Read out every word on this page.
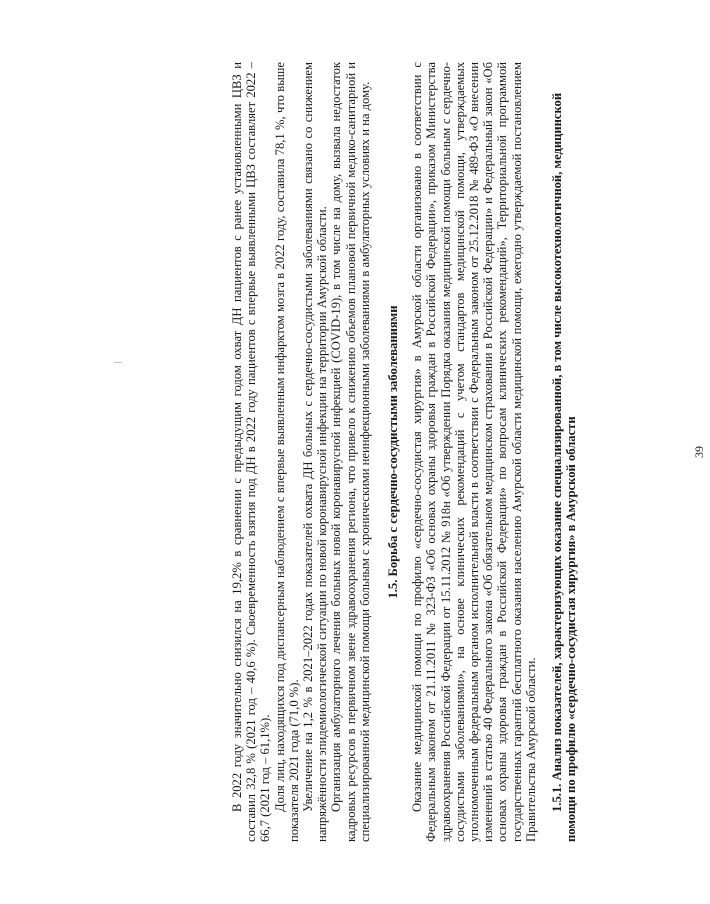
В 2022 году значительно снизился на 19,2% в сравнении с предыдущим годом охват ДН пациентов с ранее установленными ЦВЗ и составил 32,8 % (2021 год – 40,6 %). Своевременность взятия под ДН в 2022 году пациентов с впервые выявленными ЦВЗ составляет 2022 – 66,7 (2021 год – 61,1%). Доля лиц, находящихся под диспансерным наблюдением с впервые выявленным инфарктом мозга в 2022 году, составила 78,1 %, что выше показателя 2021 года (71,0 %). Увеличение на 1,2 % в 2021–2022 годах показателей охвата ДН больных с сердечно-сосудистыми заболеваниями связано со снижением напряжённости эпидемиологической ситуации по новой коронавирусной инфекции на территории Амурской области. Организация амбулаторного лечения больных новой коронавирусной инфекцией (COVID-19), в том числе на дому, вызвала недостаток кадровых ресурсов в первичном звене здравоохранения региона, что привело к снижению объемов плановой первичной медико-санитарной и специализированной медицинской помощи больным с хроническими неинфекционными заболеваниями в амбулаторных условиях и на дому. 1.5. Борьба с сердечно-сосудистыми заболеваниями Оказание медицинской помощи по профилю «сердечно-сосудистая хирургия» в Амурской области организовано в соответствии с Федеральным законом от 21.11.2011 № 323-ФЗ «Об основах охраны здоровья граждан в Российской Федерации», приказом Министерства здравоохранения Российской Федерации от 15.11.2012 № 918н «Об утверждении Порядка оказания медицинской помощи больным с сердечно-сосудистыми заболеваниями», на основе клинических рекомендаций с учетом стандартов медицинской помощи, утверждаемых уполномоченным федеральным органом исполнительной власти в соответствии с Федеральным законом от 25.12.2018 № 489-ФЗ «О внесении изменений в статью 40 Федерального закона «Об обязательном медицинском страховании в Российской Федерации» и Федеральный закон «Об основах охраны здоровья граждан в Российской Федерации» по вопросам клинических рекомендаций», Территориальной программой государственных гарантий бесплатного оказания населению Амурской области медицинской помощи, ежегодно утверждаемой постановлением Правительства Амурской области. 1.5.1. Анализ показателей, характеризующих оказание специализированной, в том числе высокотехнологичной, медицинской помощи по профилю «сердечно-сосудистая хирургия» в Амурской области	39
